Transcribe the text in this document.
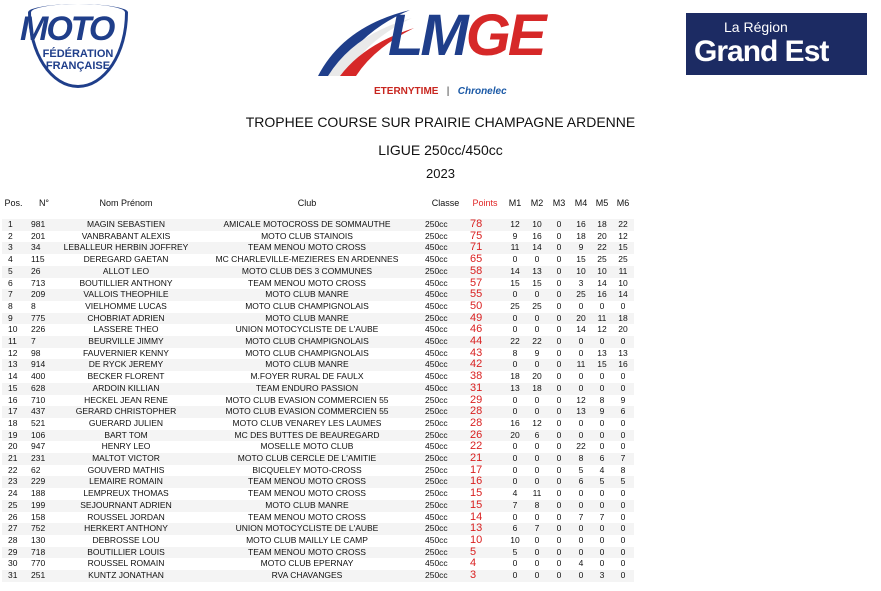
MOTO
FÉDÉRATION
FRANÇAISE	LMGE
ETERNYTIME   |   Chronelec
La Région
Grand Est
TROPHEE COURSE SUR PRAIRIE CHAMPAGNE ARDENNE
LIGUE 250cc/450cc
2023
Pos.	N°	Nom Prénom	Club	Classe	Points	M1	M2	M3	M4	M5	M6

1	981	MAGIN SEBASTIEN	AMICALE MOTOCROSS DE SOMMAUTHE	250cc	78	12	10	0	16	18	22
2	201	VANBRABANT ALEXIS	MOTO CLUB STAINOIS	250cc	75	9	16	0	18	20	12
3	34	LEBALLEUR HERBIN JOFFREY	TEAM MENOU MOTO CROSS	450cc	71	11	14	0	9	22	15
4	115	DEREGARD GAETAN	MC CHARLEVILLE-MEZIERES EN ARDENNES	450cc	65	0	0	0	15	25	25
5	26	ALLOT LEO	MOTO CLUB DES 3 COMMUNES	250cc	58	14	13	0	10	10	11
6	713	BOUTILLIER ANTHONY	TEAM MENOU MOTO CROSS	450cc	57	15	15	0	3	14	10
7	209	VALLOIS THEOPHILE	MOTO CLUB MANRE	450cc	55	0	0	0	25	16	14
8	8	VIELHOMME LUCAS	MOTO CLUB CHAMPIGNOLAIS	450cc	50	25	25	0	0	0	0
9	775	CHOBRIAT ADRIEN	MOTO CLUB MANRE	250cc	49	0	0	0	20	11	18
10	226	LASSERE THEO	UNION MOTOCYCLISTE DE L'AUBE	450cc	46	0	0	0	14	12	20
11	7	BEURVILLE JIMMY	MOTO CLUB CHAMPIGNOLAIS	450cc	44	22	22	0	0	0	0
12	98	FAUVERNIER KENNY	MOTO CLUB CHAMPIGNOLAIS	450cc	43	8	9	0	0	13	13
13	914	DE RYCK JEREMY	MOTO CLUB MANRE	450cc	42	0	0	0	11	15	16
14	400	BECKER FLORENT	M.FOYER RURAL DE FAULX	450cc	38	18	20	0	0	0	0
15	628	ARDOIN KILLIAN	TEAM ENDURO PASSION	450cc	31	13	18	0	0	0	0
16	710	HECKEL JEAN RENE	MOTO CLUB EVASION COMMERCIEN 55	250cc	29	0	0	0	12	8	9
17	437	GERARD CHRISTOPHER	MOTO CLUB EVASION COMMERCIEN 55	250cc	28	0	0	0	13	9	6
18	521	GUERARD JULIEN	MOTO CLUB VENAREY LES LAUMES	250cc	28	16	12	0	0	0	0
19	106	BART TOM	MC DES BUTTES DE BEAUREGARD	250cc	26	20	6	0	0	0	0
20	947	HENRY LEO	MOSELLE MOTO CLUB	450cc	22	0	0	0	22	0	0
21	231	MALTOT VICTOR	MOTO CLUB CERCLE DE L'AMITIE	250cc	21	0	0	0	8	6	7
22	62	GOUVERD MATHIS	BICQUELEY MOTO-CROSS	250cc	17	0	0	0	5	4	8
23	229	LEMAIRE ROMAIN	TEAM MENOU MOTO CROSS	250cc	16	0	0	0	6	5	5
24	188	LEMPREUX THOMAS	TEAM MENOU MOTO CROSS	250cc	15	4	11	0	0	0	0
25	199	SEJOURNANT ADRIEN	MOTO CLUB MANRE	250cc	15	7	8	0	0	0	0
26	158	ROUSSEL JORDAN	TEAM MENOU MOTO CROSS	450cc	14	0	0	0	7	7	0
27	752	HERKERT ANTHONY	UNION MOTOCYCLISTE DE L'AUBE	250cc	13	6	7	0	0	0	0
28	130	DEBROSSE LOU	MOTO CLUB MAILLY LE CAMP	450cc	10	10	0	0	0	0	0
29	718	BOUTILLIER LOUIS	TEAM MENOU MOTO CROSS	250cc	5	5	0	0	0	0	0
30	770	ROUSSEL ROMAIN	MOTO CLUB EPERNAY	450cc	4	0	0	0	4	0	0
31	251	KUNTZ JONATHAN	RVA CHAVANGES	250cc	3	0	0	0	0	3	0
